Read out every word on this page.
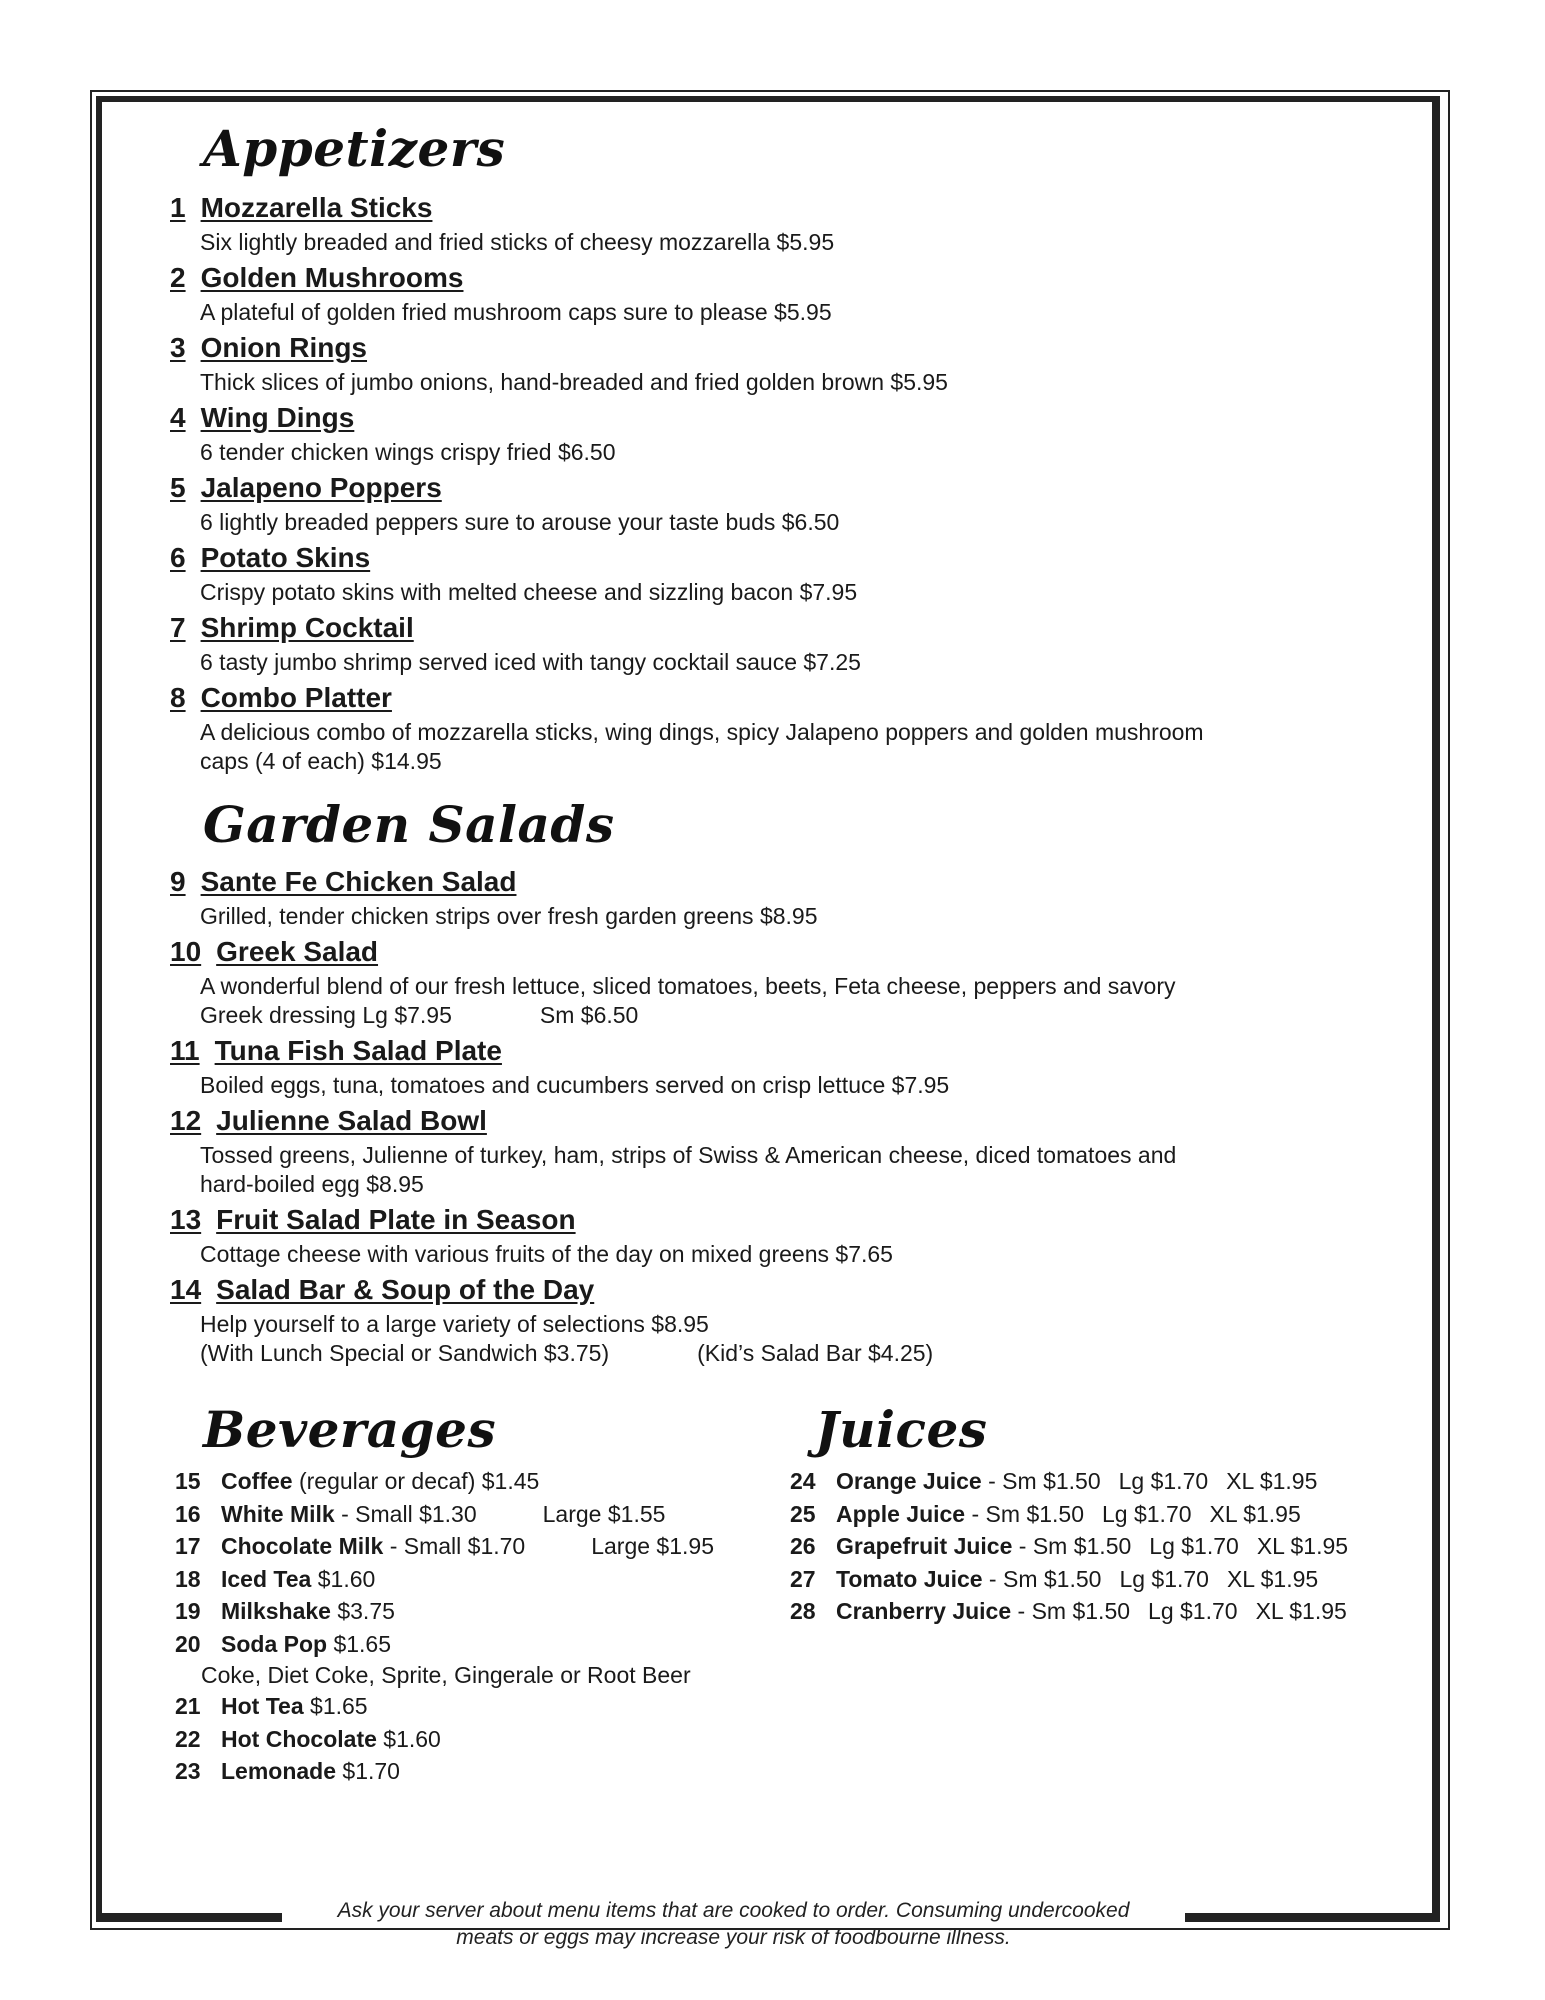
Appetizers
1 Mozzarella Sticks
Six lightly breaded and fried sticks of cheesy mozzarella $5.95
2 Golden Mushrooms
A plateful of golden fried mushroom caps sure to please $5.95
3 Onion Rings
Thick slices of jumbo onions, hand-breaded and fried golden brown $5.95
4 Wing Dings
6 tender chicken wings crispy fried $6.50
5 Jalapeno Poppers
6 lightly breaded peppers sure to arouse your taste buds $6.50
6 Potato Skins
Crispy potato skins with melted cheese and sizzling bacon $7.95
7 Shrimp Cocktail
6 tasty jumbo shrimp served iced with tangy cocktail sauce $7.25
8 Combo Platter
A delicious combo of mozzarella sticks, wing dings, spicy Jalapeno poppers and golden mushroom
caps (4 of each) $14.95
Garden Salads
9 Sante Fe Chicken Salad
Grilled, tender chicken strips over fresh garden greens $8.95
10 Greek Salad
A wonderful blend of our fresh lettuce, sliced tomatoes, beets, Feta cheese, peppers and savory
Greek dressing Lg $7.95	Sm $6.50
11 Tuna Fish Salad Plate
Boiled eggs, tuna, tomatoes and cucumbers served on crisp lettuce $7.95
12 Julienne Salad Bowl
Tossed greens, Julienne of turkey, ham, strips of Swiss & American cheese, diced tomatoes and
hard-boiled egg $8.95
13 Fruit Salad Plate in Season
Cottage cheese with various fruits of the day on mixed greens $7.65
14 Salad Bar & Soup of the Day
Help yourself to a large variety of selections $8.95
(With Lunch Special or Sandwich $3.75)	(Kid’s Salad Bar $4.25)
Beverages
15 Coffee (regular or decaf) $1.45
16 White Milk - Small $1.30	Large $1.55
17 Chocolate Milk - Small $1.70	Large $1.95
18 Iced Tea $1.60
19 Milkshake $3.75
20 Soda Pop $1.65
Coke, Diet Coke, Sprite, Gingerale or Root Beer
21 Hot Tea $1.65
22 Hot Chocolate $1.60
23 Lemonade $1.70
Juices
24 Orange Juice - Sm $1.50 Lg $1.70 XL $1.95
25 Apple Juice - Sm $1.50 Lg $1.70 XL $1.95
26 Grapefruit Juice - Sm $1.50 Lg $1.70 XL $1.95
27 Tomato Juice - Sm $1.50 Lg $1.70 XL $1.95
28 Cranberry Juice - Sm $1.50 Lg $1.70 XL $1.95
Ask your server about menu items that are cooked to order. Consuming undercooked
meats or eggs may increase your risk of foodbourne illness.
